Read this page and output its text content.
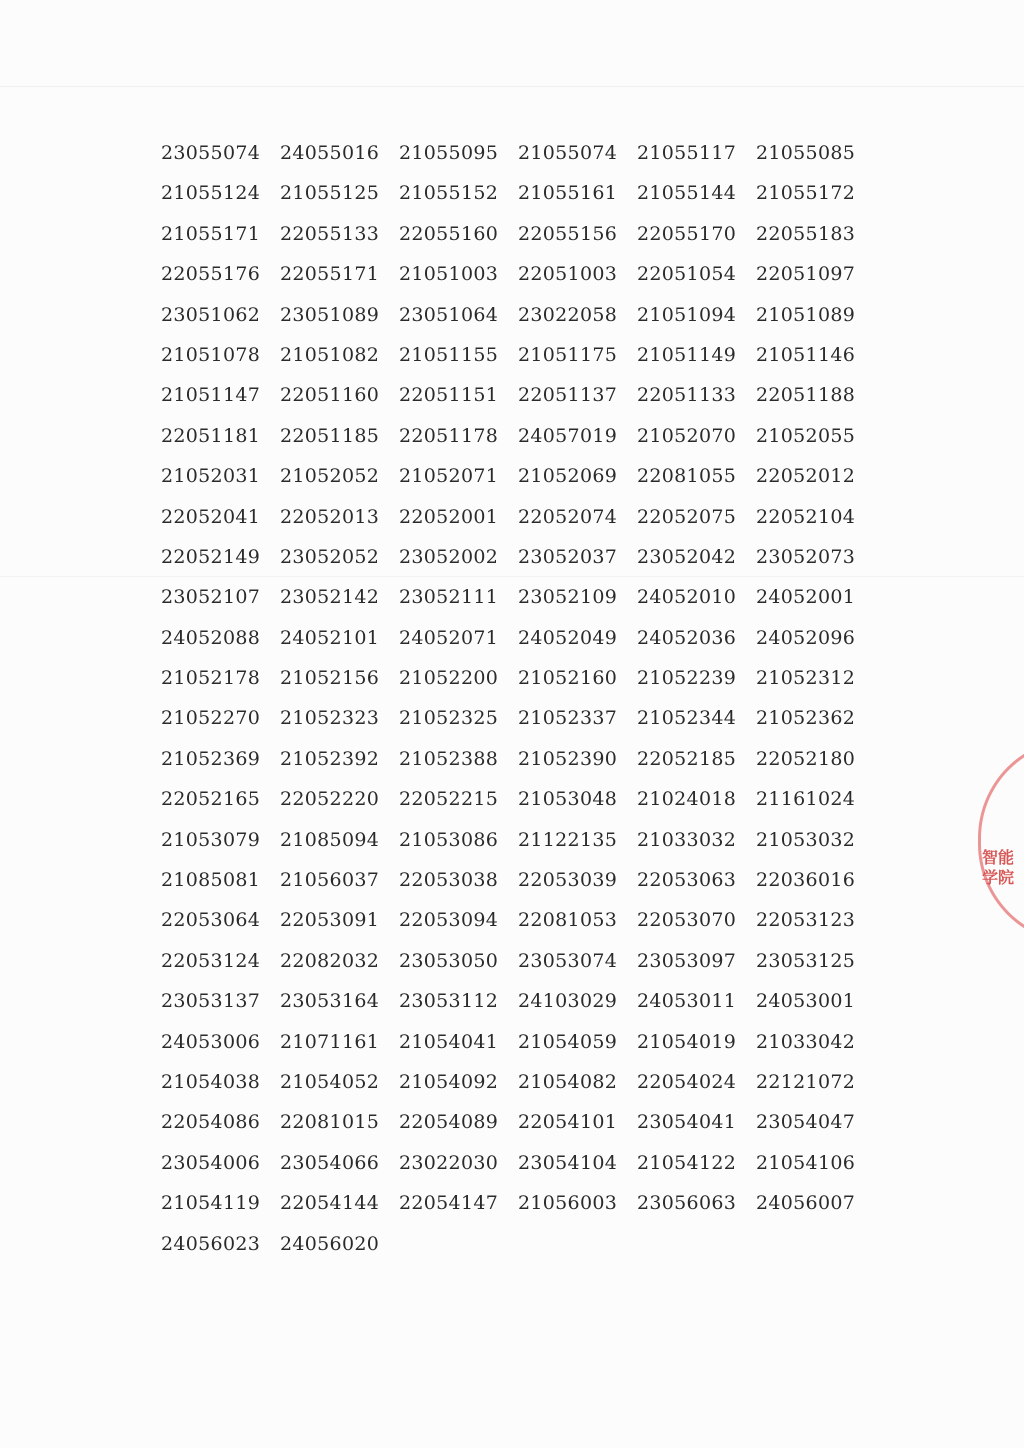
23055074	24055016	21055095	21055074	21055117	21055085
21055124	21055125	21055152	21055161	21055144	21055172
21055171	22055133	22055160	22055156	22055170	22055183
22055176	22055171	21051003	22051003	22051054	22051097
23051062	23051089	23051064	23022058	21051094	21051089
21051078	21051082	21051155	21051175	21051149	21051146
21051147	22051160	22051151	22051137	22051133	22051188
22051181	22051185	22051178	24057019	21052070	21052055
21052031	21052052	21052071	21052069	22081055	22052012
22052041	22052013	22052001	22052074	22052075	22052104
22052149	23052052	23052002	23052037	23052042	23052073
23052107	23052142	23052111	23052109	24052010	24052001
24052088	24052101	24052071	24052049	24052036	24052096
21052178	21052156	21052200	21052160	21052239	21052312
21052270	21052323	21052325	21052337	21052344	21052362
21052369	21052392	21052388	21052390	22052185	22052180
22052165	22052220	22052215	21053048	21024018	21161024
21053079	21085094	21053086	21122135	21033032	21053032
21085081	21056037	22053038	22053039	22053063	22036016
22053064	22053091	22053094	22081053	22053070	22053123
22053124	22082032	23053050	23053074	23053097	23053125
23053137	23053164	23053112	24103029	24053011	24053001
24053006	21071161	21054041	21054059	21054019	21033042
21054038	21054052	21054092	21054082	22054024	22121072
22054086	22081015	22054089	22054101	23054041	23054047
23054006	23054066	23022030	23054104	21054122	21054106
21054119	22054144	22054147	21056003	23056063	24056007
24056023	24056020
智能
学院
